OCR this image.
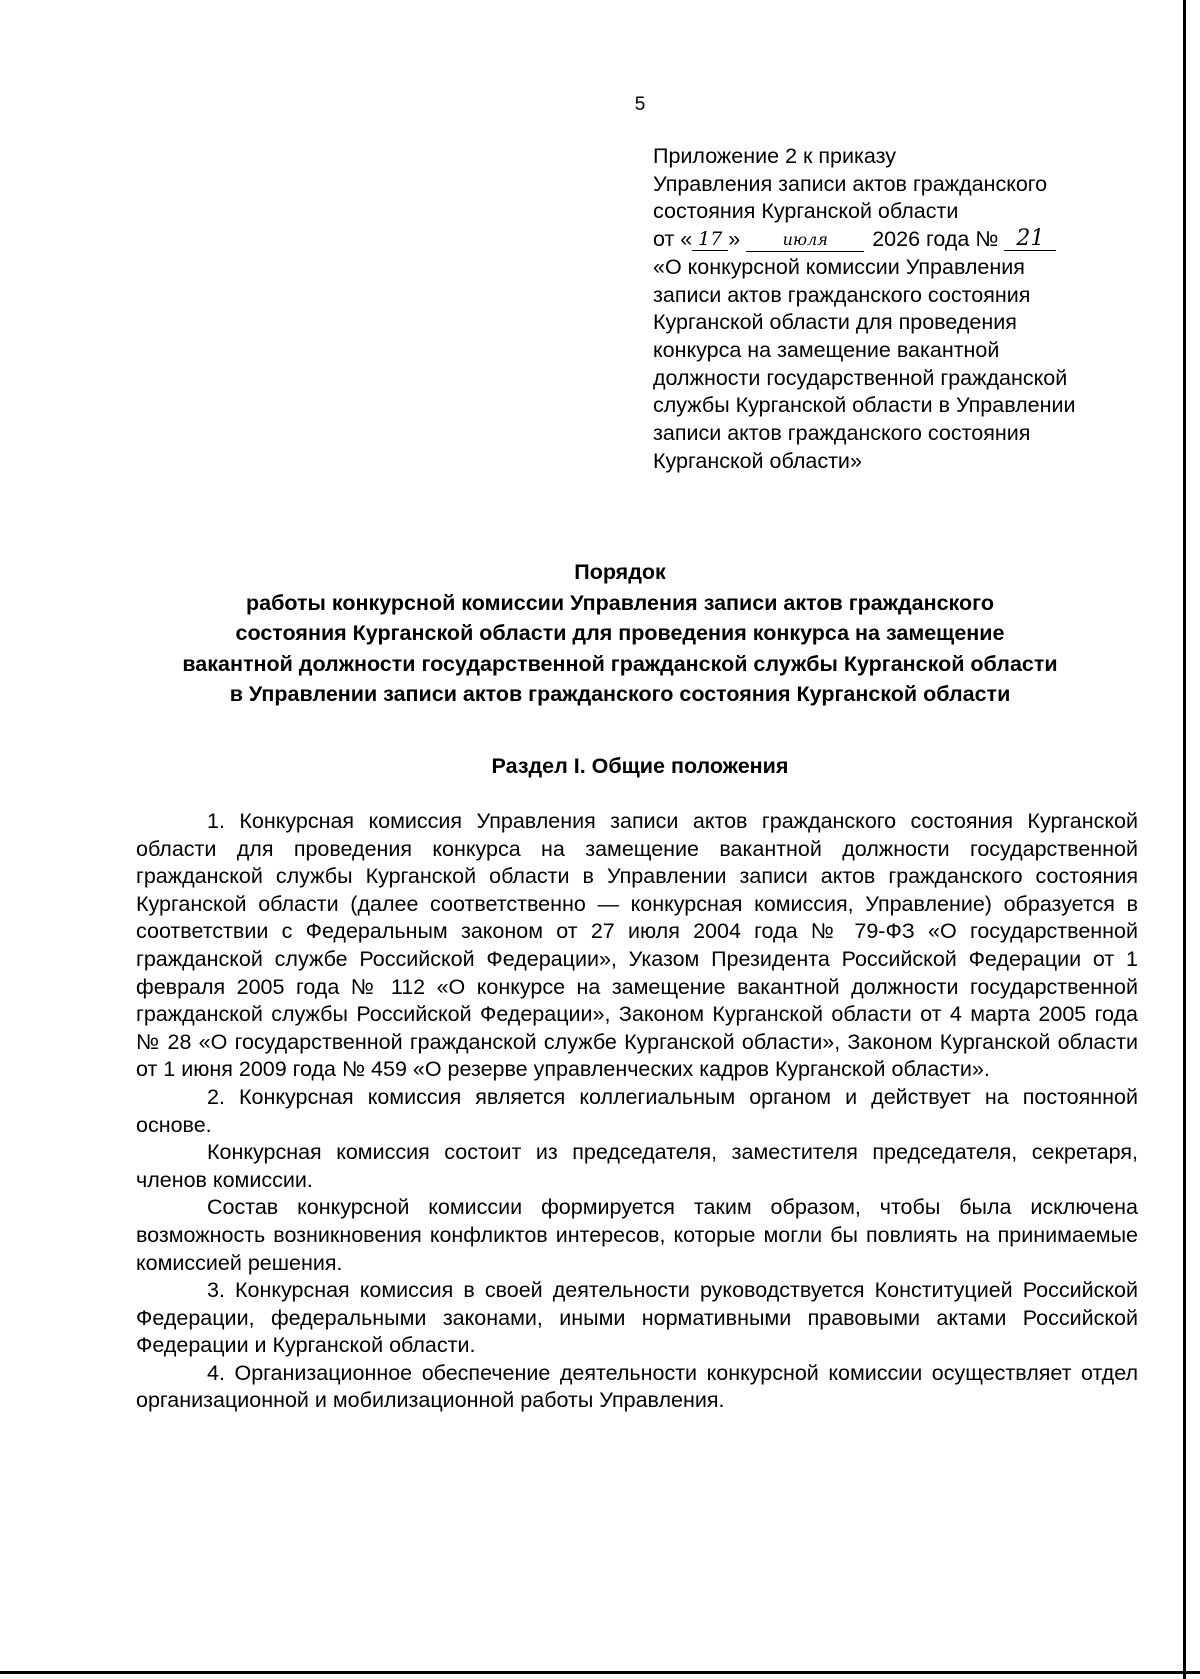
5
Приложение 2 к приказу
Управления записи актов гражданского
состояния Курганской области
от « 17 »	июля 2026 года № 21
«О конкурсной комиссии Управления
записи актов гражданского состояния
Курганской области для проведения
конкурса на замещение вакантной
должности государственной гражданской
службы Курганской области в Управлении
записи актов гражданского состояния
Курганской области»
Порядок
работы конкурсной комиссии Управления записи актов гражданского
состояния Курганской области для проведения конкурса на замещение
вакантной должности государственной гражданской службы Курганской области
в Управлении записи актов гражданского состояния Курганской области
Раздел I. Общие положения

1. Конкурсная комиссия Управления записи актов гражданского состояния Курганской области для проведения конкурса на замещение вакантной должности государственной гражданской службы Курганской области в Управлении записи актов гражданского состояния Курганской области (далее соответственно — конкурсная комиссия, Управление) образуется в соответствии с Федеральным законом от 27 июля 2004 года № 79-ФЗ «О государственной гражданской службе Российской Федерации», Указом Президента Российской Федерации от 1 февраля 2005 года № 112 «О конкурсе на замещение вакантной должности государственной гражданской службы Российской Федерации», Законом Курганской области от 4 марта 2005 года № 28 «О государственной гражданской службе Курганской области», Законом Курганской области от 1 июня 2009 года № 459 «О резерве управленческих кадров Курганской области».

2. Конкурсная комиссия является коллегиальным органом и действует на постоянной основе.

Конкурсная комиссия состоит из председателя, заместителя председателя, секретаря, членов комиссии.

Состав конкурсной комиссии формируется таким образом, чтобы была исключена возможность возникновения конфликтов интересов, которые могли бы повлиять на принимаемые комиссией решения.

3. Конкурсная комиссия в своей деятельности руководствуется Конституцией Российской Федерации, федеральными законами, иными нормативными правовыми актами Российской Федерации и Курганской области.

4. Организационное обеспечение деятельности конкурсной комиссии осуществляет отдел организационной и мобилизационной работы Управления.
